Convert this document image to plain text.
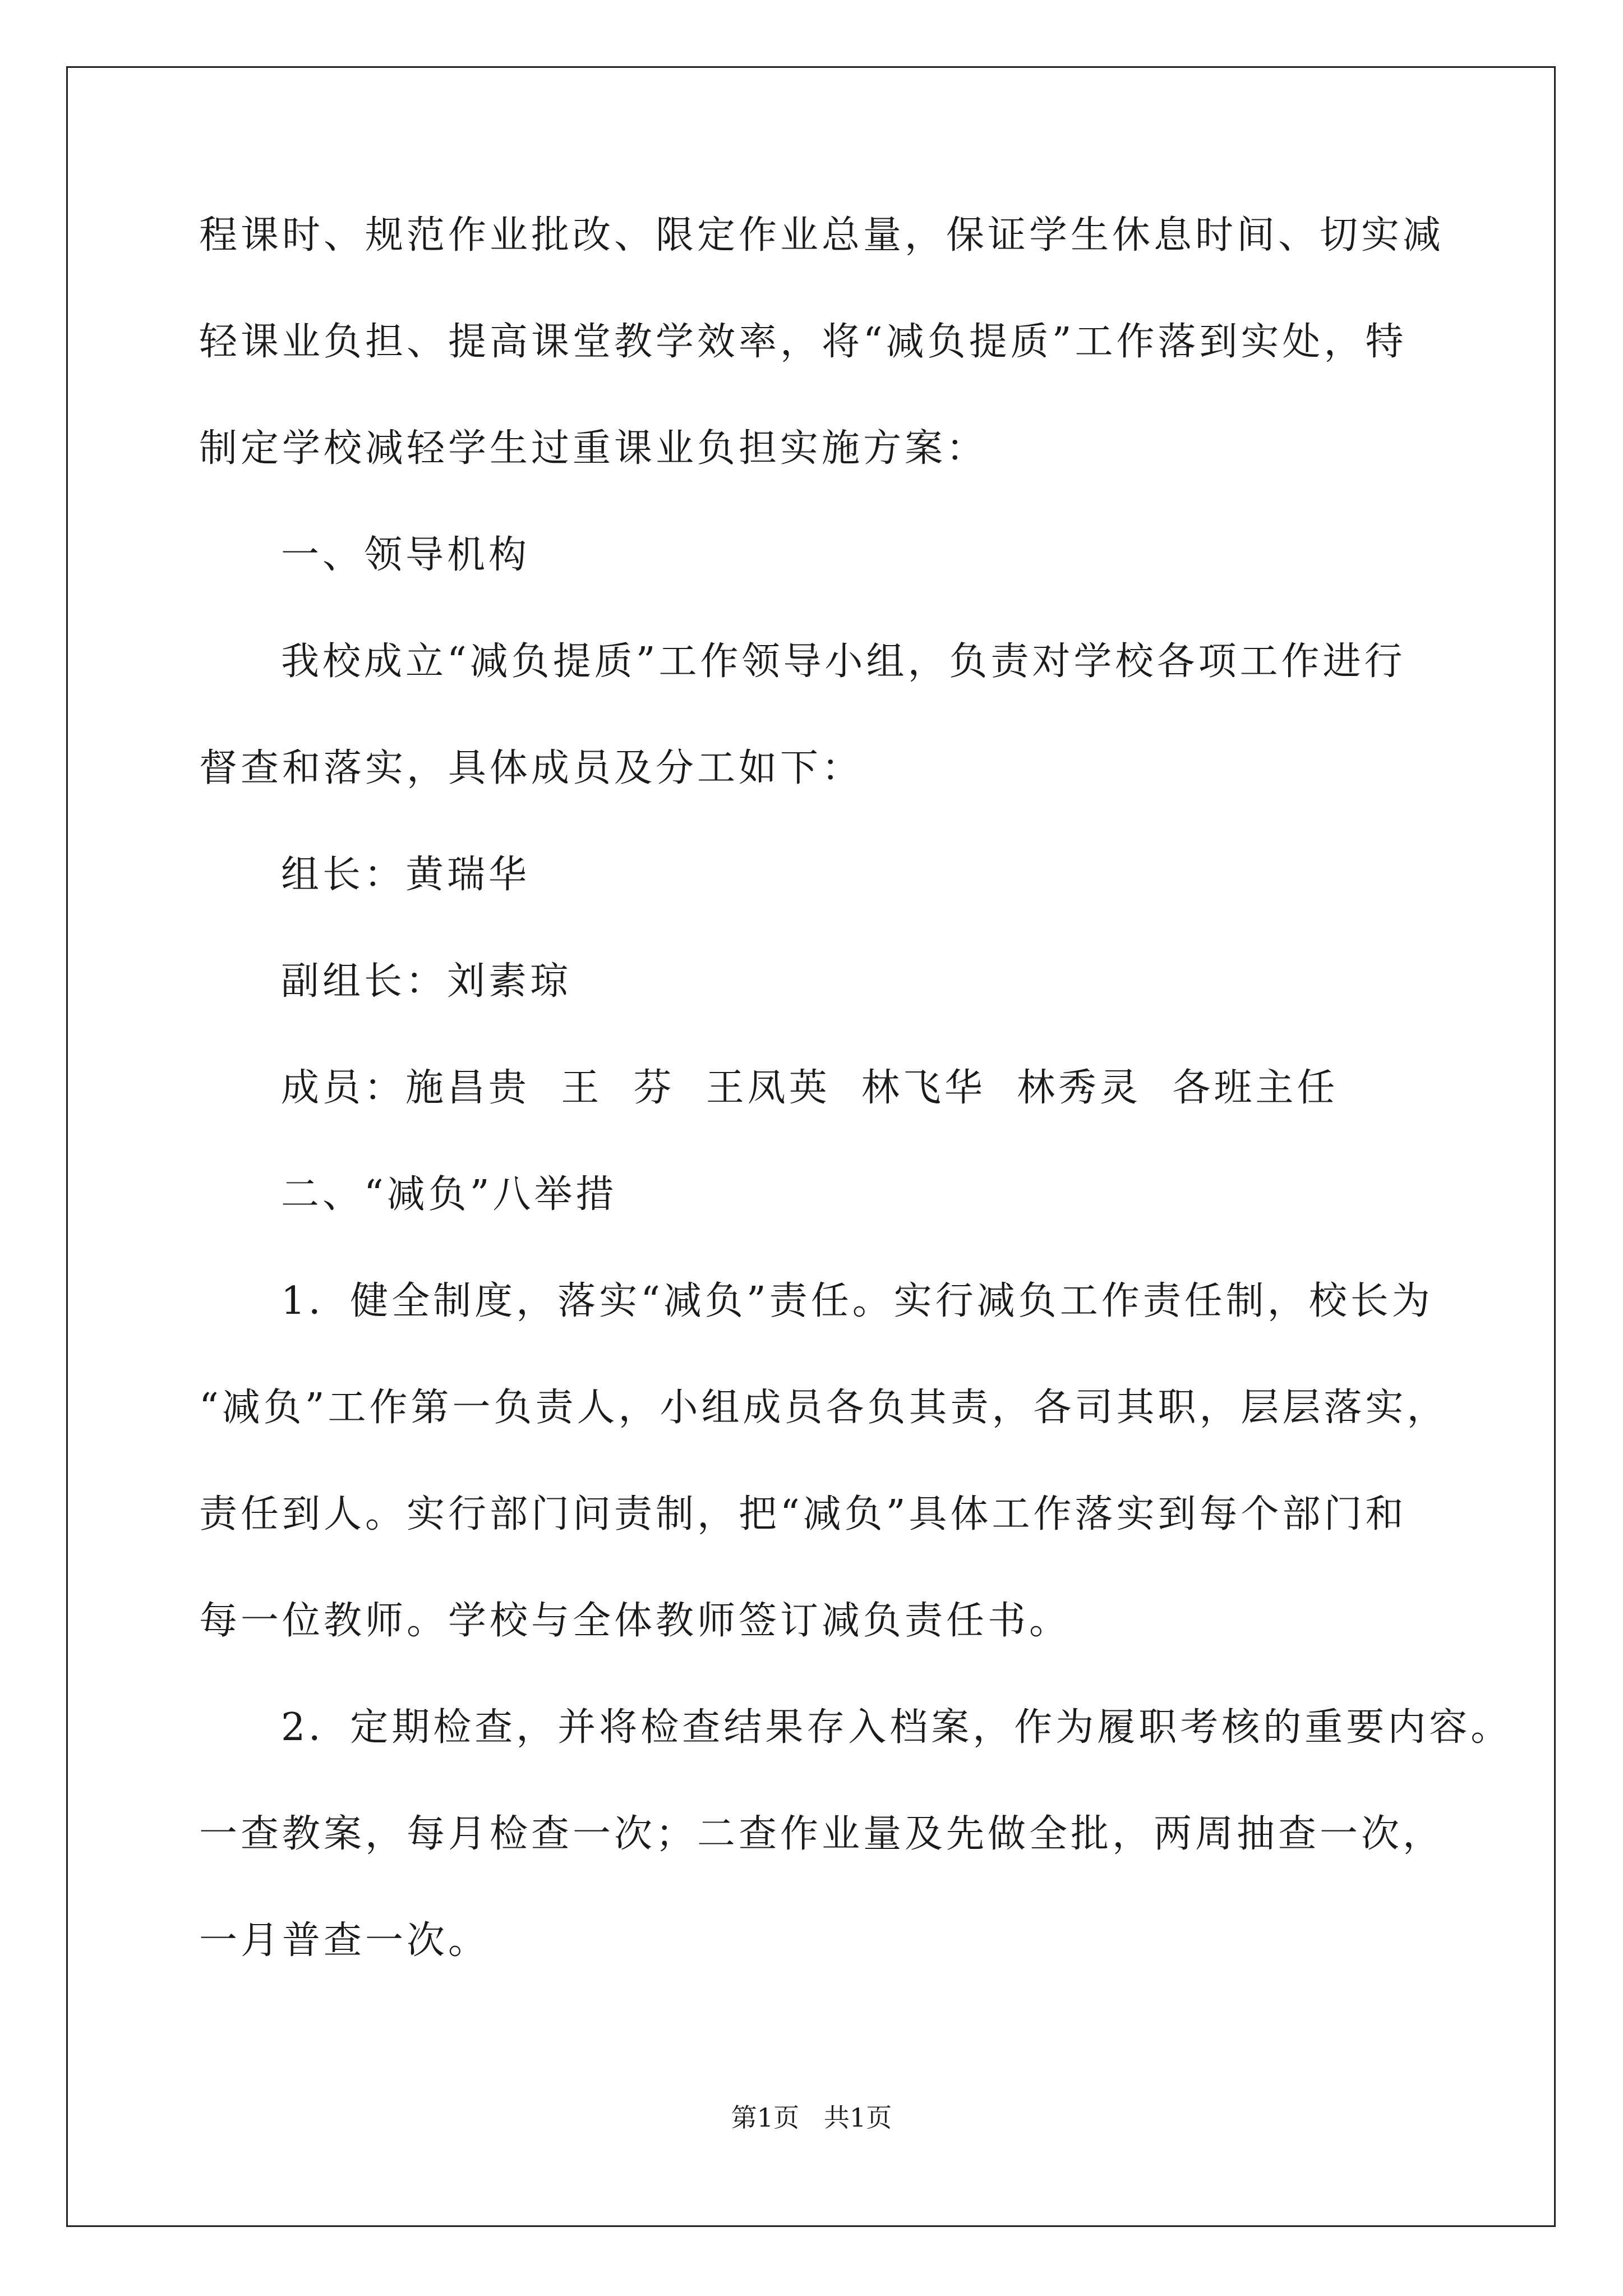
程课时、规范作业批改、限定作业总量，保证学生休息时间、切实减

轻课业负担、提高课堂教学效率，将“减负提质”工作落到实处，特

制定学校减轻学生过重课业负担实施方案：

一、领导机构

我校成立“减负提质”工作领导小组，负责对学校各项工作进行

督查和落实，具体成员及分工如下：

组长：黄瑞华

副组长：刘素琼

成员：施昌贵  王  芬  王凤英  林飞华  林秀灵  各班主任

二、“减负”八举措

1．健全制度，落实“减负”责任。实行减负工作责任制，校长为

“减负”工作第一负责人，小组成员各负其责，各司其职，层层落实，

责任到人。实行部门问责制，把“减负”具体工作落实到每个部门和

每一位教师。学校与全体教师签订减负责任书。

2．定期检查，并将检查结果存入档案，作为履职考核的重要内容。

一查教案，每月检查一次；二查作业量及先做全批，两周抽查一次，

一月普查一次。

第1页   共1页
